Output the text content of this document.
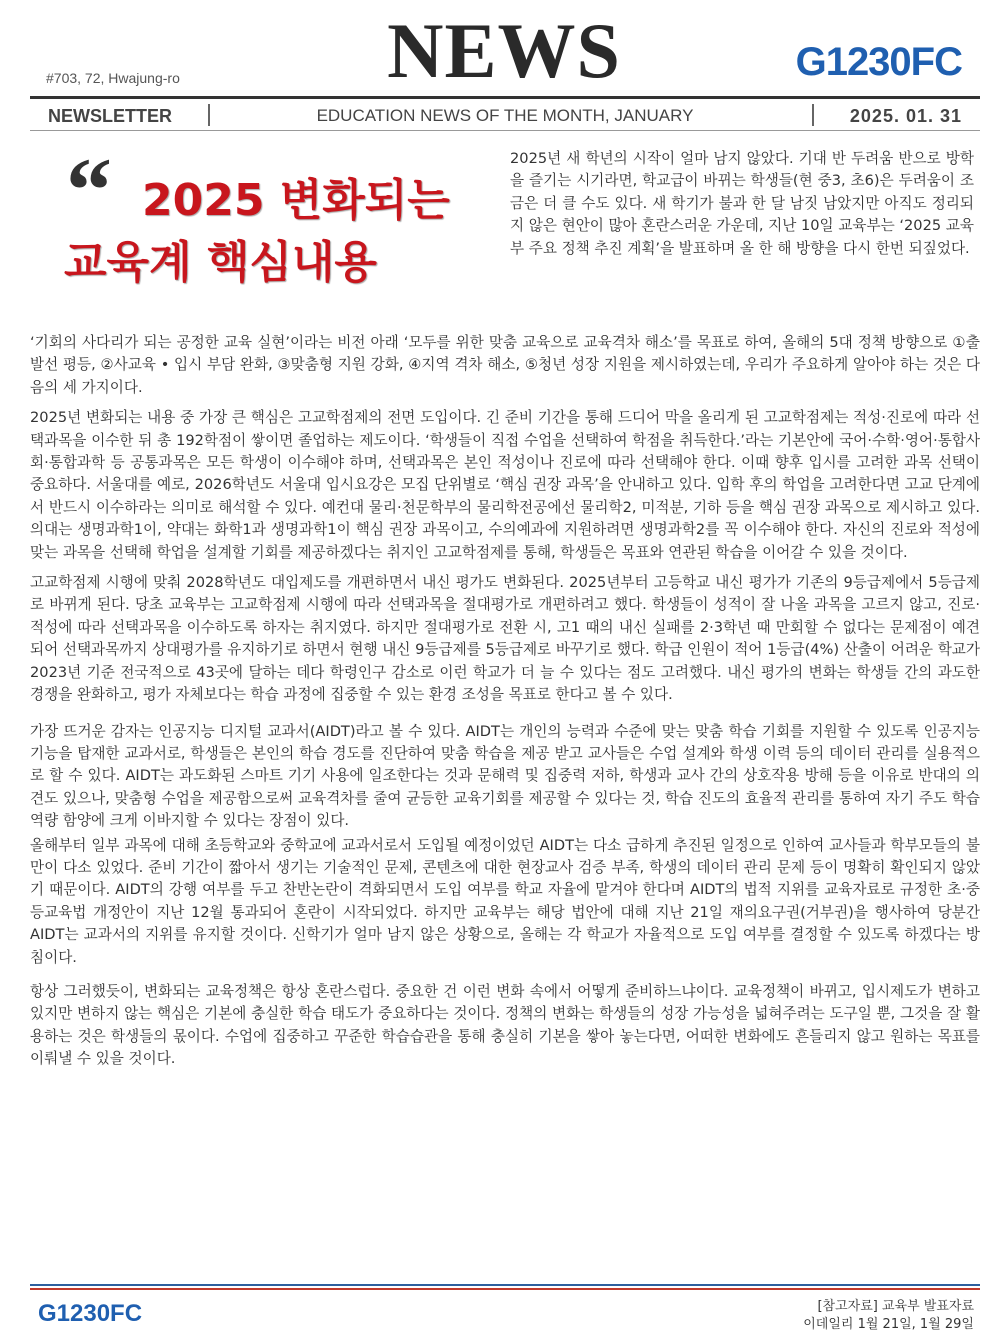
#703, 72, Hwajung-ro	NEWS	G1230FC
NEWSLETTER	EDUCATION NEWS OF THE MONTH, JANUARY	2025. 01. 31
“ 2025 변화되는
교육계 핵심내용
2025년 새 학년의 시작이 얼마 남지 않았다. 기대 반 두려움 반으로 방학을 즐기는 시기라면, 학교급이 바뀌는 학생들(현 중3, 초6)은 두려움이 조금은 더 클 수도 있다. 새 학기가 불과 한 달 남짓 남았지만 아직도 정리되지 않은 현안이 많아 혼란스러운 가운데, 지난 10일 교육부는 ‘2025 교육부 주요 정책 추진 계획’을 발표하며 올 한 해 방향을 다시 한번 되짚었다.

‘기회의 사다리가 되는 공정한 교육 실현’이라는 비전 아래 ‘모두를 위한 맞춤 교육으로 교육격차 해소’를 목표로 하여, 올해의 5대 정책 방향으로 ①출발선 평등, ②사교육 • 입시 부담 완화, ③맞춤형 지원 강화, ④지역 격차 해소, ⑤청년 성장 지원을 제시하였는데, 우리가 주요하게 알아야 하는 것은 다음의 세 가지이다.

2025년 변화되는 내용 중 가장 큰 핵심은 고교학점제의 전면 도입이다. 긴 준비 기간을 통해 드디어 막을 올리게 된 고교학점제는 적성·진로에 따라 선택과목을 이수한 뒤 총 192학점이 쌓이면 졸업하는 제도이다. ‘학생들이 직접 수업을 선택하여 학점을 취득한다.’라는 기본안에 국어·수학·영어·통합사회·통합과학 등 공통과목은 모든 학생이 이수해야 하며, 선택과목은 본인 적성이나 진로에 따라 선택해야 한다. 이때 향후 입시를 고려한 과목 선택이 중요하다. 서울대를 예로, 2026학년도 서울대 입시요강은 모집 단위별로 ‘핵심 권장 과목’을 안내하고 있다. 입학 후의 학업을 고려한다면 고교 단계에서 반드시 이수하라는 의미로 해석할 수 있다. 예컨대 물리·천문학부의 물리학전공에선 물리학2, 미적분, 기하 등을 핵심 권장 과목으로 제시하고 있다. 의대는 생명과학1이, 약대는 화학1과 생명과학1이 핵심 권장 과목이고, 수의예과에 지원하려면 생명과학2를 꼭 이수해야 한다. 자신의 진로와 적성에 맞는 과목을 선택해 학업을 설계할 기회를 제공하겠다는 취지인 고교학점제를 통해, 학생들은 목표와 연관된 학습을 이어갈 수 있을 것이다.

고교학점제 시행에 맞춰 2028학년도 대입제도를 개편하면서 내신 평가도 변화된다. 2025년부터 고등학교 내신 평가가 기존의 9등급제에서 5등급제로 바뀌게 된다. 당초 교육부는 고교학점제 시행에 따라 선택과목을 절대평가로 개편하려고 했다. 학생들이 성적이 잘 나올 과목을 고르지 않고, 진로·적성에 따라 선택과목을 이수하도록 하자는 취지였다. 하지만 절대평가로 전환 시, 고1 때의 내신 실패를 2·3학년 때 만회할 수 없다는 문제점이 예견되어 선택과목까지 상대평가를 유지하기로 하면서 현행 내신 9등급제를 5등급제로 바꾸기로 했다. 학급 인원이 적어 1등급(4%) 산출이 어려운 학교가 2023년 기준 전국적으로 43곳에 달하는 데다 학령인구 감소로 이런 학교가 더 늘 수 있다는 점도 고려했다. 내신 평가의 변화는 학생들 간의 과도한 경쟁을 완화하고, 평가 자체보다는 학습 과정에 집중할 수 있는 환경 조성을 목표로 한다고 볼 수 있다.

가장 뜨거운 감자는 인공지능 디지털 교과서(AIDT)라고 볼 수 있다. AIDT는 개인의 능력과 수준에 맞는 맞춤 학습 기회를 지원할 수 있도록 인공지능 기능을 탑재한 교과서로, 학생들은 본인의 학습 경도를 진단하여 맞춤 학습을 제공 받고 교사들은 수업 설계와 학생 이력 등의 데이터 관리를 실용적으로 할 수 있다. AIDT는 과도화된 스마트 기기 사용에 일조한다는 것과 문해력 및 집중력 저하, 학생과 교사 간의 상호작용 방해 등을 이유로 반대의 의견도 있으나, 맞춤형 수업을 제공함으로써 교육격차를 줄여 균등한 교육기회를 제공할 수 있다는 것, 학습 진도의 효율적 관리를 통하여 자기 주도 학습 역량 함양에 크게 이바지할 수 있다는 장점이 있다.

올해부터 일부 과목에 대해 초등학교와 중학교에 교과서로서 도입될 예정이었던 AIDT는 다소 급하게 추진된 일정으로 인하여 교사들과 학부모들의 불만이 다소 있었다. 준비 기간이 짧아서 생기는 기술적인 문제, 콘텐츠에 대한 현장교사 검증 부족, 학생의 데이터 관리 문제 등이 명확히 확인되지 않았기 때문이다. AIDT의 강행 여부를 두고 찬반논란이 격화되면서 도입 여부를 학교 자율에 맡겨야 한다며 AIDT의 법적 지위를 교육자료로 규정한 초·중등교육법 개정안이 지난 12월 통과되어 혼란이 시작되었다. 하지만 교육부는 해당 법안에 대해 지난 21일 재의요구권(거부권)을 행사하여 당분간 AIDT는 교과서의 지위를 유지할 것이다. 신학기가 얼마 남지 않은 상황으로, 올해는 각 학교가 자율적으로 도입 여부를 결정할 수 있도록 하겠다는 방침이다.

항상 그러했듯이, 변화되는 교육정책은 항상 혼란스럽다. 중요한 건 이런 변화 속에서 어떻게 준비하느냐이다. 교육정책이 바뀌고, 입시제도가 변하고 있지만 변하지 않는 핵심은 기본에 충실한 학습 태도가 중요하다는 것이다. 정책의 변화는 학생들의 성장 가능성을 넓혀주려는 도구일 뿐, 그것을 잘 활용하는 것은 학생들의 몫이다. 수업에 집중하고 꾸준한 학습습관을 통해 충실히 기본을 쌓아 놓는다면, 어떠한 변화에도 흔들리지 않고 원하는 목표를 이뤄낼 수 있을 것이다.

G1230FC	[참고자료] 교육부 발표자료
이데일리 1월 21일, 1월 29일
